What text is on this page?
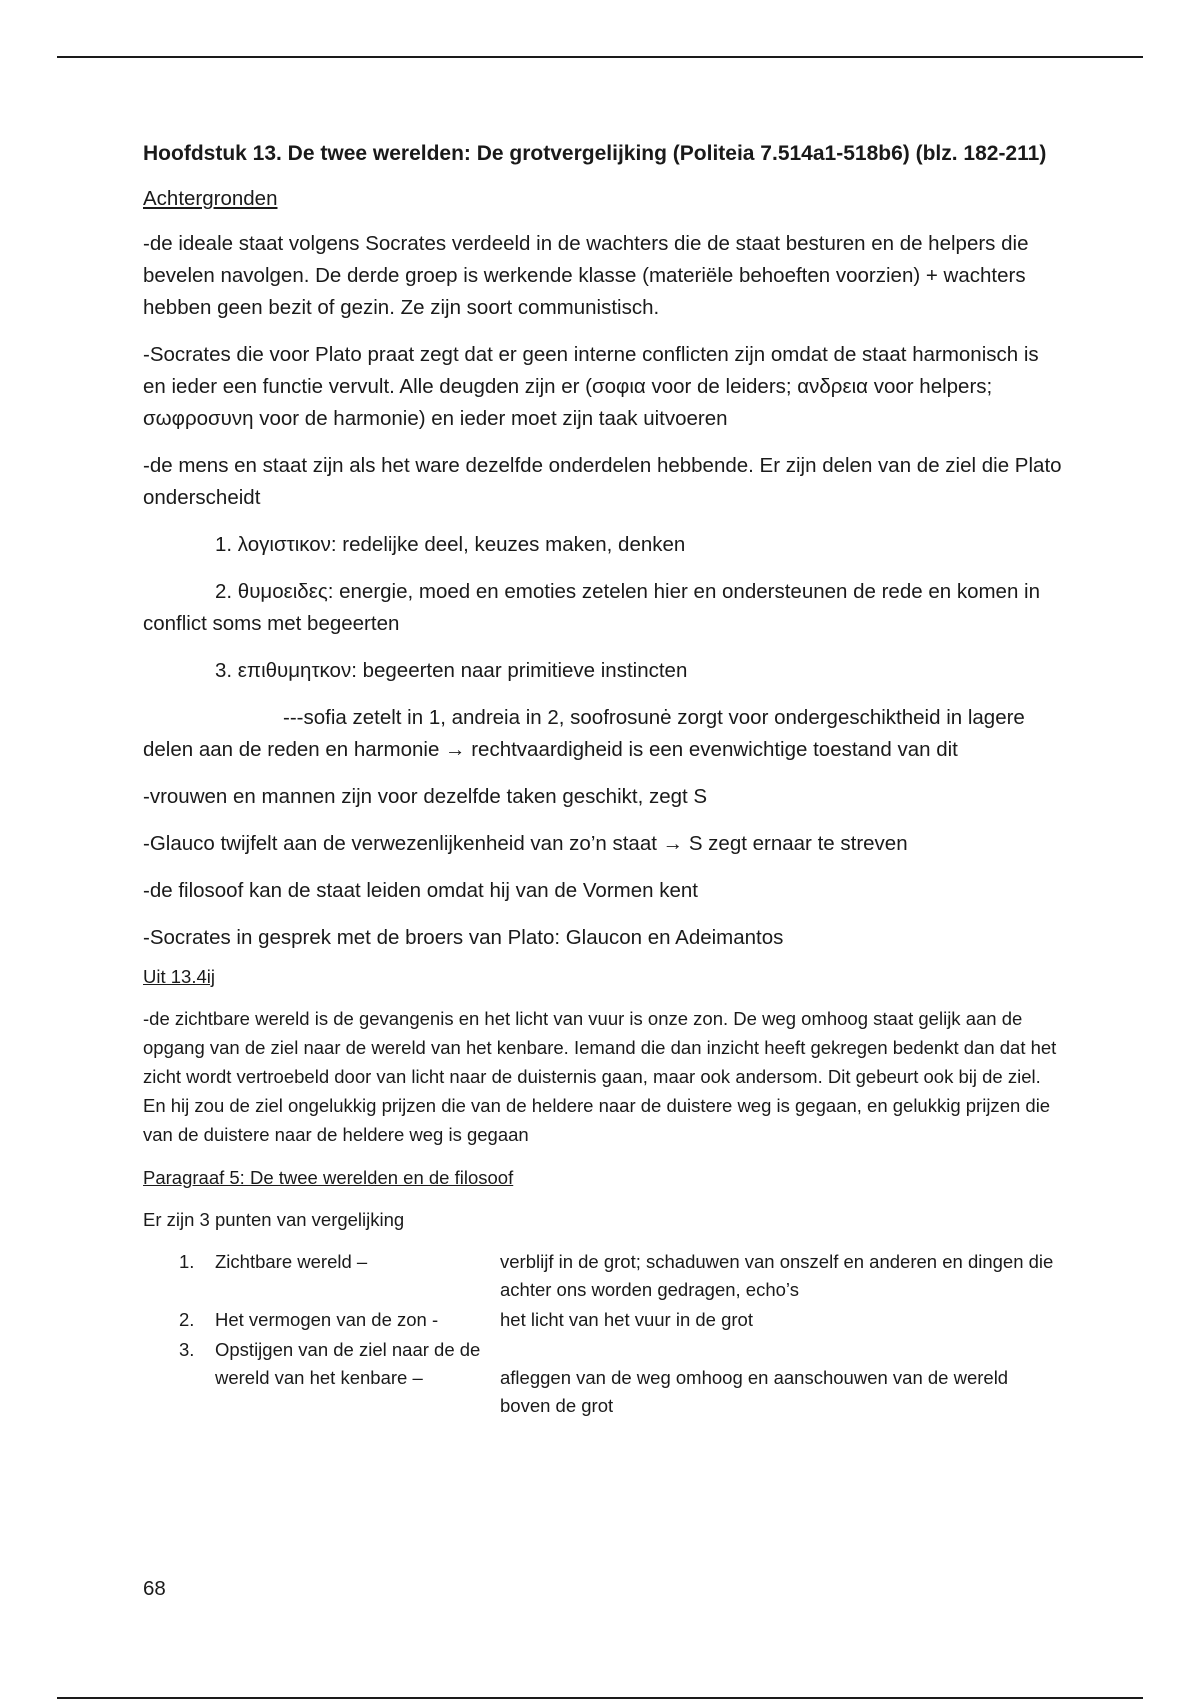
Hoofdstuk 13. De twee werelden: De grotvergelijking (Politeia 7.514a1-518b6) (blz. 182-211)
Achtergronden
-de ideale staat volgens Socrates verdeeld in de wachters die de staat besturen en de helpers die bevelen navolgen. De derde groep is werkende klasse (materiële behoeften voorzien) + wachters hebben geen bezit of gezin. Ze zijn soort communistisch.
-Socrates die voor Plato praat zegt dat er geen interne conflicten zijn omdat de staat harmonisch is en ieder een functie vervult. Alle deugden zijn er (σοφια voor de leiders; ανδρεια voor helpers; σωφροσυνη voor de harmonie) en ieder moet zijn taak uitvoeren
-de mens en staat zijn als het ware dezelfde onderdelen hebbende. Er zijn delen van de ziel die Plato onderscheidt
1. λογιστικον: redelijke deel, keuzes maken, denken
2. θυμοειδες: energie, moed en emoties zetelen hier en ondersteunen de rede en komen in conflict soms met begeerten
3. επιθυμητκον: begeerten naar primitieve instincten
---sofia zetelt in 1, andreia in 2, soofrosunė zorgt voor ondergeschiktheid in lagere delen aan de reden en harmonie → rechtvaardigheid is een evenwichtige toestand van dit
-vrouwen en mannen zijn voor dezelfde taken geschikt, zegt S
-Glauco twijfelt aan de verwezenlijkenheid van zo’n staat → S zegt ernaar te streven
-de filosoof kan de staat leiden omdat hij van de Vormen kent
-Socrates in gesprek met de broers van Plato: Glaucon en Adeimantos
Uit 13.4ij
-de zichtbare wereld is de gevangenis en het licht van vuur is onze zon. De weg omhoog staat gelijk aan de opgang van de ziel naar de wereld van het kenbare. Iemand die dan inzicht heeft gekregen bedenkt dan dat het zicht wordt vertroebeld door van licht naar de duisternis gaan, maar ook andersom. Dit gebeurt ook bij de ziel. En hij zou de ziel ongelukkig prijzen die van de heldere naar de duistere weg is gegaan, en gelukkig prijzen die van de duistere naar de heldere weg is gegaan
Paragraaf 5: De twee werelden en de filosoof
Er zijn 3 punten van vergelijking
1.	Zichtbare wereld –	verblijf in de grot; schaduwen van onszelf en anderen en dingen die achter ons worden gedragen, echo’s
2.	Het vermogen van de zon -	het licht van het vuur in de grot
3.	Opstijgen van de ziel naar de de wereld van het kenbare –	afleggen van de weg omhoog en aanschouwen van de wereld boven de grot
68
